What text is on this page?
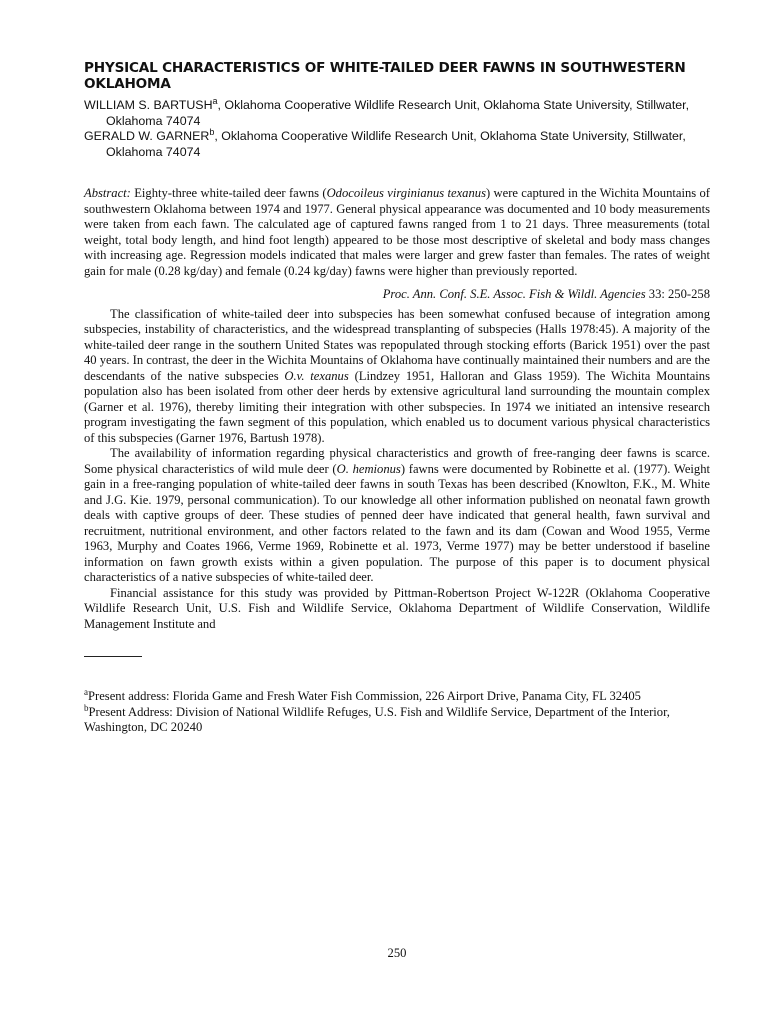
PHYSICAL CHARACTERISTICS OF WHITE-TAILED DEER FAWNS IN SOUTHWESTERN OKLAHOMA

WILLIAM S. BARTUSH$^a$, Oklahoma Cooperative Wildlife Research Unit, Oklahoma State University, Stillwater, Oklahoma 74074

GERALD W. GARNER$^b$, Oklahoma Cooperative Wildlife Research Unit, Oklahoma State University, Stillwater, Oklahoma 74074

Abstract: Eighty-three white-tailed deer fawns (Odocoileus virginianus texanus) were captured in the Wichita Mountains of southwestern Oklahoma between 1974 and 1977. General physical appearance was documented and 10 body measurements were taken from each fawn. The calculated age of captured fawns ranged from 1 to 21 days. Three measurements (total weight, total body length, and hind foot length) appeared to be those most descriptive of skeletal and body mass changes with increasing age. Regression models indicated that males were larger and grew faster than females. The rates of weight gain for male (0.28 kg/day) and female (0.24 kg/day) fawns were higher than previously reported.

Proc. Ann. Conf. S.E. Assoc. Fish & Wildl. Agencies 33: 250-258

The classification of white-tailed deer into subspecies has been somewhat confused because of integration among subspecies, instability of characteristics, and the widespread transplanting of subspecies (Halls 1978:45). A majority of the white-tailed deer range in the southern United States was repopulated through stocking efforts (Barick 1951) over the past 40 years. In contrast, the deer in the Wichita Mountains of Oklahoma have continually maintained their numbers and are the descendants of the native subspecies O.v. texanus (Lindzey 1951, Halloran and Glass 1959). The Wichita Mountains population also has been isolated from other deer herds by extensive agricultural land surrounding the mountain complex (Garner et al. 1976), thereby limiting their integration with other subspecies. In 1974 we initiated an intensive research program investigating the fawn segment of this population, which enabled us to document various physical characteristics of this subspecies (Garner 1976, Bartush 1978).

The availability of information regarding physical characteristics and growth of free-ranging deer fawns is scarce. Some physical characteristics of wild mule deer (O. hemionus) fawns were documented by Robinette et al. (1977). Weight gain in a free-ranging population of white-tailed deer fawns in south Texas has been described (Knowlton, F.K., M. White and J.G. Kie. 1979, personal communication). To our knowledge all other information published on neonatal fawn growth deals with captive groups of deer. These studies of penned deer have indicated that general health, fawn survival and recruitment, nutritional environment, and other factors related to the fawn and its dam (Cowan and Wood 1955, Verme 1963, Murphy and Coates 1966, Verme 1969, Robinette et al. 1973, Verme 1977) may be better understood if baseline information on fawn growth exists within a given population. The purpose of this paper is to document physical characteristics of a native subspecies of white-tailed deer.

Financial assistance for this study was provided by Pittman-Robertson Project W-122R (Oklahoma Cooperative Wildlife Research Unit, U.S. Fish and Wildlife Service, Oklahoma Department of Wildlife Conservation, Wildlife Management Institute and

$^a$Present address: Florida Game and Fresh Water Fish Commission, 226 Airport Drive, Panama City, FL 32405

$^b$Present Address: Division of National Wildlife Refuges, U.S. Fish and Wildlife Service, Department of the Interior, Washington, DC 20240

250
